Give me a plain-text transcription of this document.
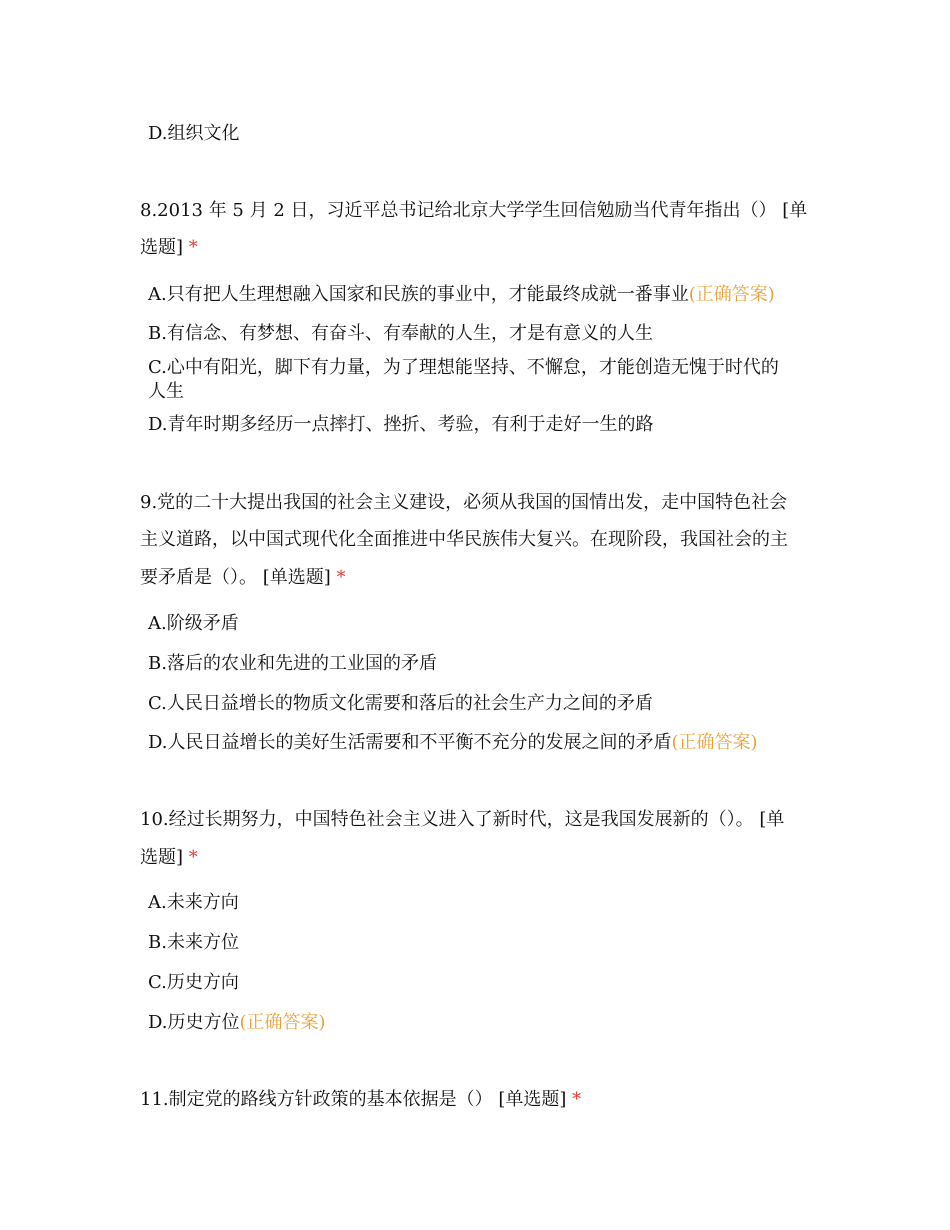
D.组织文化
8.2013 年 5 月 2 日，习近平总书记给北京大学学生回信勉励当代青年指出（） [单
选题] *
A.只有把人生理想融入国家和民族的事业中，才能最终成就一番事业(正确答案)
B.有信念、有梦想、有奋斗、有奉献的人生，才是有意义的人生
C.心中有阳光，脚下有力量，为了理想能坚持、不懈怠，才能创造无愧于时代的
人生
D.青年时期多经历一点摔打、挫折、考验，有利于走好一生的路
9.党的二十大提出我国的社会主义建设，必须从我国的国情出发，走中国特色社会
主义道路，以中国式现代化全面推进中华民族伟大复兴。在现阶段，我国社会的主
要矛盾是（）。 [单选题] *
A.阶级矛盾
B.落后的农业和先进的工业国的矛盾
C.人民日益增长的物质文化需要和落后的社会生产力之间的矛盾
D.人民日益增长的美好生活需要和不平衡不充分的发展之间的矛盾(正确答案)
10.经过长期努力，中国特色社会主义进入了新时代，这是我国发展新的（）。 [单
选题] *
A.未来方向
B.未来方位
C.历史方向
D.历史方位(正确答案)
11.制定党的路线方针政策的基本依据是（） [单选题] *
